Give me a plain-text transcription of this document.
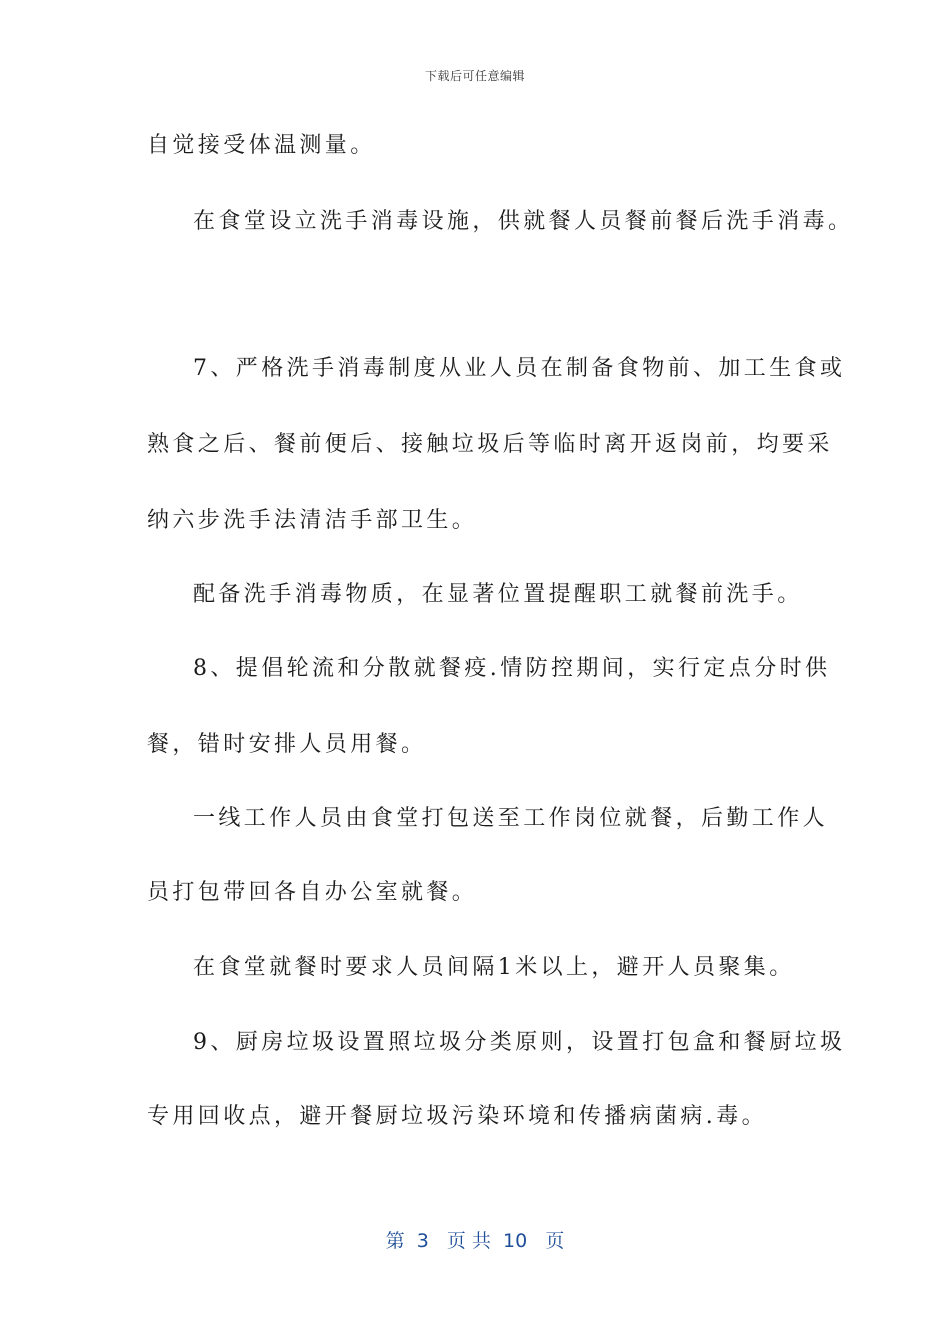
下载后可任意编辑
自觉接受体温测量。
在食堂设立洗手消毒设施，供就餐人员餐前餐后洗手消毒。
7、严格洗手消毒制度从业人员在制备食物前、加工生食或
熟食之后、餐前便后、接触垃圾后等临时离开返岗前，均要采
纳六步洗手法清洁手部卫生。
配备洗手消毒物质，在显著位置提醒职工就餐前洗手。
8、提倡轮流和分散就餐疫.情防控期间，实行定点分时供
餐，错时安排人员用餐。
一线工作人员由食堂打包送至工作岗位就餐，后勤工作人
员打包带回各自办公室就餐。
在食堂就餐时要求人员间隔1米以上，避开人员聚集。
9、厨房垃圾设置照垃圾分类原则，设置打包盒和餐厨垃圾
专用回收点，避开餐厨垃圾污染环境和传播病菌病.毒。
第  3   页 共  10   页
